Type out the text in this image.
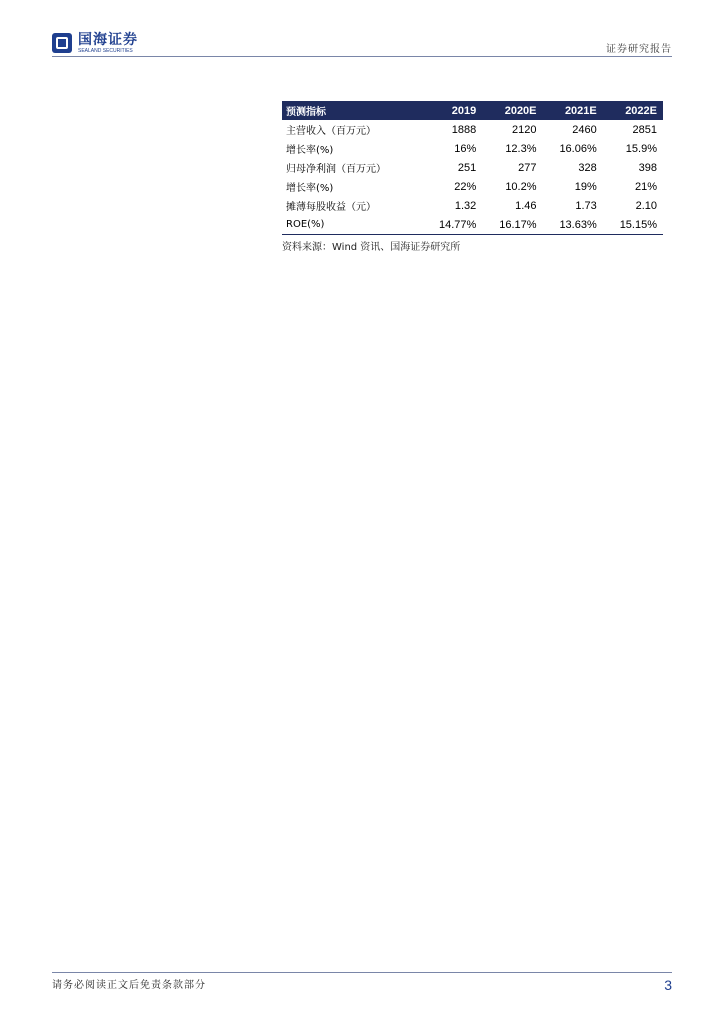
国海证券
SEALAND SECURITIES	证券研究报告
预测指标	2019	2020E	2021E	2022E
主营收入（百万元）	1888	2120	2460	2851
增长率(%)	16%	12.3%	16.06%	15.9%
归母净利润（百万元）	251	277	328	398
增长率(%)	22%	10.2%	19%	21%
摊薄每股收益（元）	1.32	1.46	1.73	2.10
ROE(%)	14.77%	16.17%	13.63%	15.15%
资料来源：Wind 资讯、国海证券研究所
请务必阅读正文后免责条款部分	3
